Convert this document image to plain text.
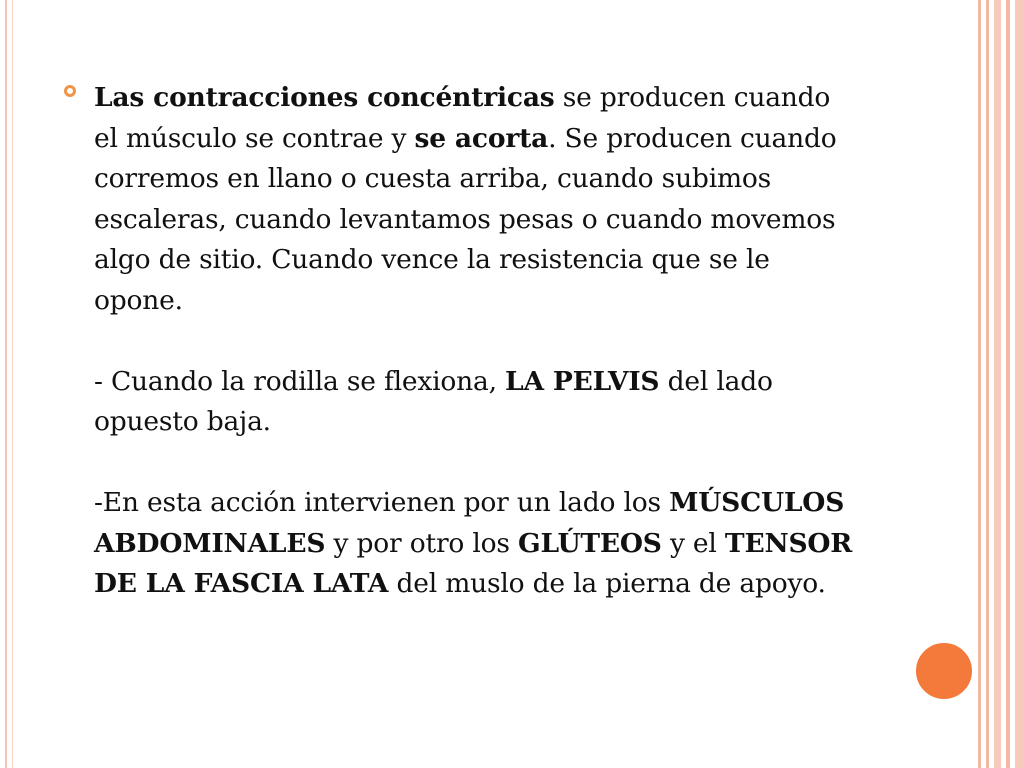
Las contracciones concéntricas se producen cuando el músculo se contrae y se acorta. Se producen cuando corremos en llano o cuesta arriba, cuando subimos escaleras, cuando levantamos pesas o cuando movemos algo de sitio. Cuando vence la resistencia que se le opone.

- Cuando la rodilla se flexiona, LA PELVIS del lado opuesto baja.

-En esta acción intervienen por un lado los MÚSCULOS ABDOMINALES y por otro los GLÚTEOS y el TENSOR DE LA FASCIA LATA del muslo de la pierna de apoyo.
